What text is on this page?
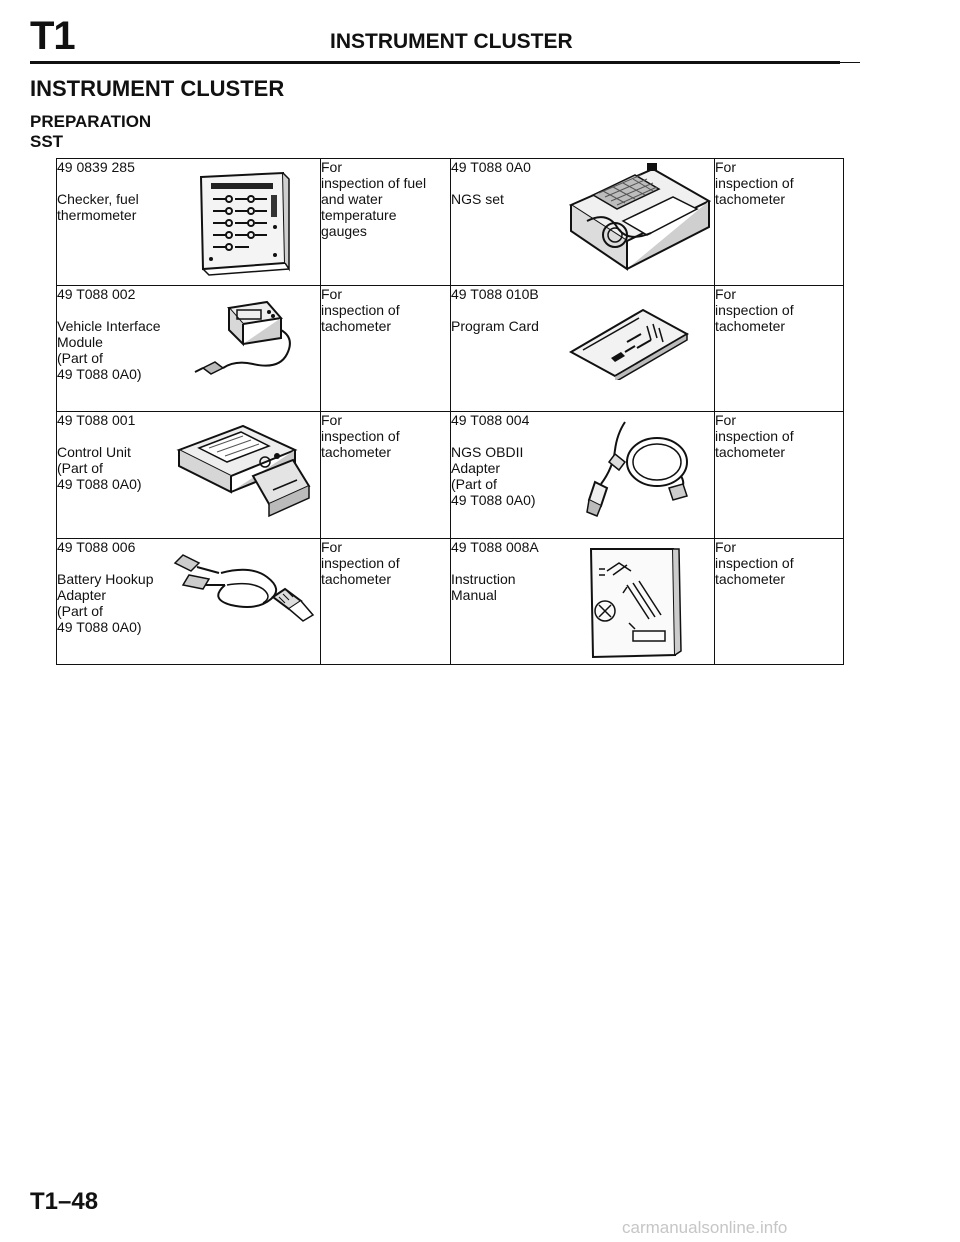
T1	INSTRUMENT CLUSTER
INSTRUMENT CLUSTER
PREPARATION
SST
49 0839 285
Checker, fuel
thermometer	For
inspection of fuel
and water
temperature
gauges	49 T088 0A0
NGS set	For
inspection of
tachometer

49 T088 002
Vehicle Interface
Module
(Part of
49 T088 0A0)	For
inspection of
tachometer	49 T088 010B
Program Card	For
inspection of
tachometer

49 T088 001
Control Unit
(Part of
49 T088 0A0)	For
inspection of
tachometer	49 T088 004
NGS OBDII
Adapter
(Part of
49 T088 0A0)	For
inspection of
tachometer

49 T088 006
Battery Hookup
Adapter
(Part of
49 T088 0A0)	For
inspection of
tachometer	49 T088 008A
Instruction
Manual	For
inspection of
tachometer
T1–48
carmanualsonline.info
